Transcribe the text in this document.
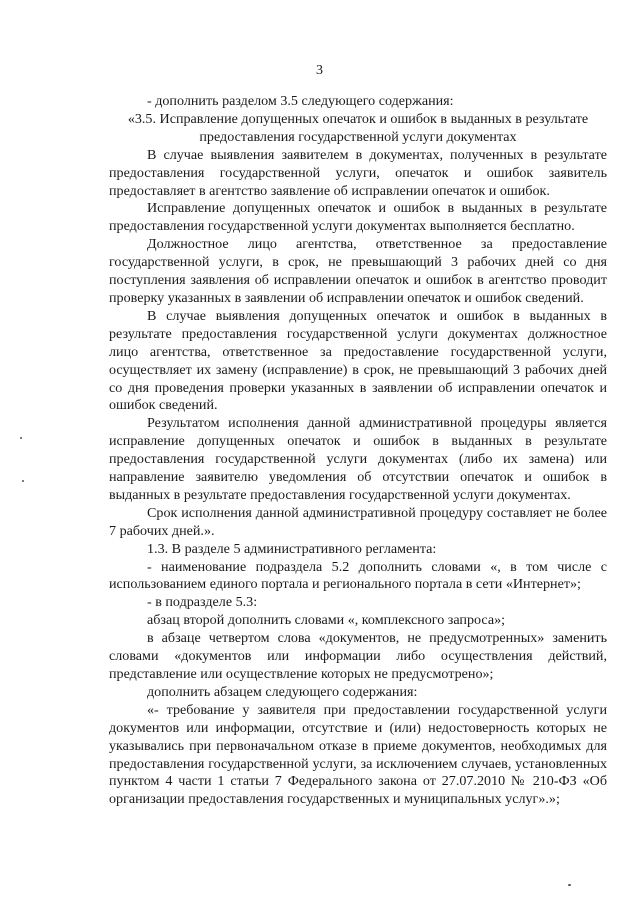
3

- дополнить разделом 3.5 следующего содержания:

«3.5. Исправление допущенных опечаток и ошибок в выданных в результате предоставления государственной услуги документах

В случае выявления заявителем в документах, полученных в результате предоставления государственной услуги, опечаток и ошибок заявитель предоставляет в агентство заявление об исправлении опечаток и ошибок.

Исправление допущенных опечаток и ошибок в выданных в результате предоставления государственной услуги документах выполняется бесплатно.

Должностное лицо агентства, ответственное за предоставление государственной услуги, в срок, не превышающий 3 рабочих дней со дня поступления заявления об исправлении опечаток и ошибок в агентство проводит проверку указанных в заявлении об исправлении опечаток и ошибок сведений.

В случае выявления допущенных опечаток и ошибок в выданных в результате предоставления государственной услуги документах должностное лицо агентства, ответственное за предоставление государственной услуги, осуществляет их замену (исправление) в срок, не превышающий 3 рабочих дней со дня проведения проверки указанных в заявлении об исправлении опечаток и ошибок сведений.

Результатом исполнения данной административной процедуры является исправление допущенных опечаток и ошибок в выданных в результате предоставления государственной услуги документах (либо их замена) или направление заявителю уведомления об отсутствии опечаток и ошибок в выданных в результате предоставления государственной услуги документах.

Срок исполнения данной административной процедуру составляет не более 7 рабочих дней.».

1.3. В разделе 5 административного регламента:

- наименование подраздела 5.2 дополнить словами «, в том числе с использованием единого портала и регионального портала в сети «Интернет»;

- в подразделе 5.3:

абзац второй дополнить словами «, комплексного запроса»;

в абзаце четвертом слова «документов, не предусмотренных» заменить словами «документов или информации либо осуществления действий, представление или осуществление которых не предусмотрено»;

дополнить абзацем следующего содержания:

«- требование у заявителя при предоставлении государственной услуги документов или информации, отсутствие и (или) недостоверность которых не указывались при первоначальном отказе в приеме документов, необходимых для предоставления государственной услуги, за исключением случаев, установленных пунктом 4 части 1 статьи 7 Федерального закона от 27.07.2010 № 210-ФЗ «Об организации предоставления государственных и муниципальных услуг».»;
